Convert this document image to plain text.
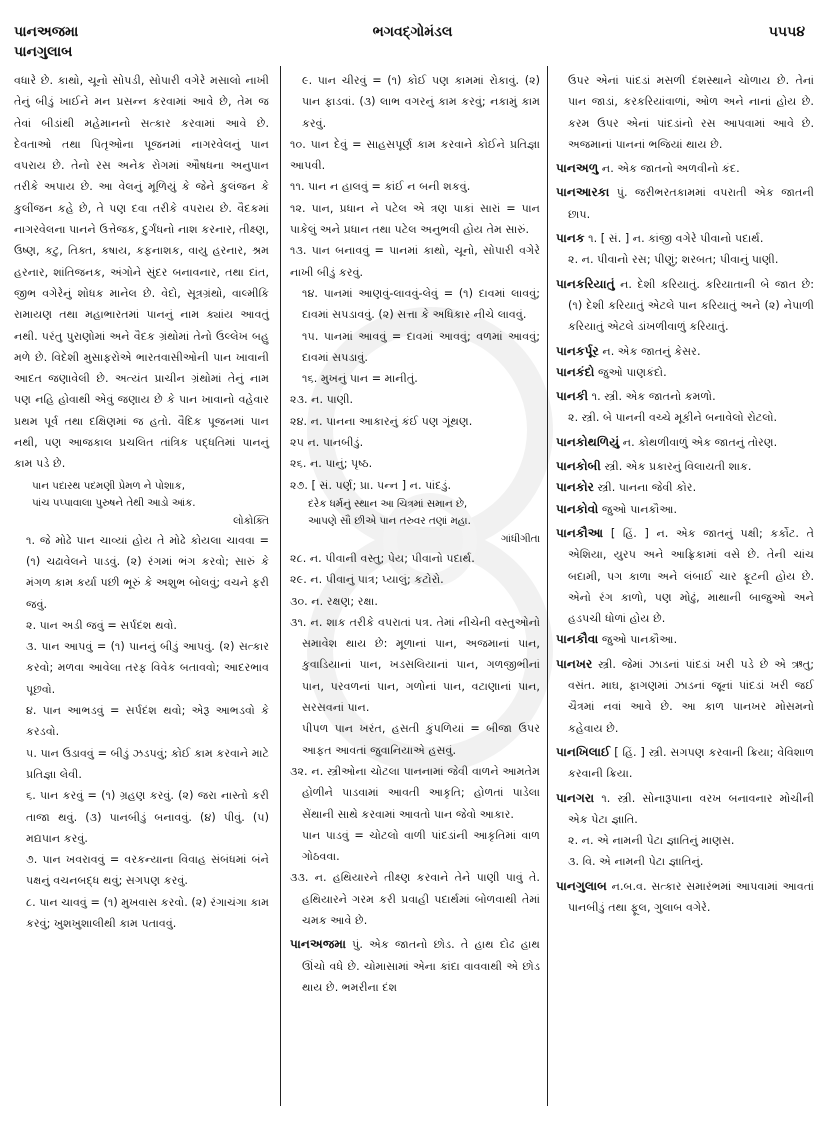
પાનઅજમા
પાનગુલાબ
ભગવદ્ગોમંડલ	૫૫૫૪

વધારે છે. કાથો, ચૂનો સોપડી, સોપારી વગેરે મસાલો નાખી તેનું બીડું ખાઈને મન પ્રસન્ન કરવામાં આવે છે, તેમ જ તેવાં બીડાંથી મહેમાનનો સત્કાર કરવામાં આવે છે. દેવતાઓ તથા પિતૃઓના પૂજનમાં નાગરવેલનું પાન વપરાય છે. તેનો રસ અનેક રોગમાં ઔષધના અનુપાન તરીકે અપાય છે. આ વેલનું મૂળિયું કે જેને કુલંજન કે કુલીંજન કહે છે, તે પણ દવા તરીકે વપરાય છે. વૈદકમાં નાગરવેલના પાનને ઉત્તેજક, દુર્ગંધનો નાશ કરનાર, તીક્ષ્ણ, ઉષ્ણ, કટુ, તિક્ત, કષાય, કફનાશક, વાયુ હરનાર, શ્રમ હરનાર, શાંતિજનક, અંગોને સુંદર બનાવનાર, તથા દાંત, જીભ વગેરેનું શોધક માનેલ છે. વેદો, સૂત્રગ્રંથો, વાલ્મીકિ રામાયણ તથા મહાભારતમાં પાનનું નામ ક્યાંય આવતું નથી. પરંતુ પુરાણોમાં અને વૈદક ગ્રંથોમાં તેનો ઉલ્લેખ બહુ મળે છે. વિદેશી મુસાફરોએ ભારતવાસીઓની પાન ખાવાની આદત જણાવેલી છે. અત્યંત પ્રાચીન ગ્રંથોમાં તેનું નામ પણ નહિ હોવાથી એવું જણાય છે કે પાન ખાવાનો વહેવાર પ્રથમ પૂર્વ તથા દક્ષિણમાં જ હતો. વૈદિક પૂજનમાં પાન નથી, પણ આજકાલ પ્રચલિત તાંત્રિક પદ્ધતિમાં પાનનું કામ પડે છે.

પાન પદારથ પદમણી પ્રેમળ ને પોશાક,

પાંચ પપ્પાવાલા પુરુષને તેથી આડો આંક.

લોકોક્તિ

૧. જે મોઢે પાન ચાવ્યાં હોય તે મોઢે કોયલા ચાવવા = (૧) ચઢાવેલને પાડવું. (૨) રંગમાં ભંગ કરવો; સારું કે મંગળ કામ કર્યા પછી ભૂરું કે અશુભ બોલવું; વચને ફરી જવું.

૨. પાન અડી જવું = સર્પદંશ થવો.

૩. પાન આપવું = (૧) પાનનું બીડું આપવું. (૨) સત્કાર કરવો; મળવા આવેલા તરફ વિવેક બતાવવો; આદરભાવ પૂછવો.

૪. પાન આભડવું = સર્પદંશ થવો; એરૂ આભડવો કે કરડવો.

૫. પાન ઉડાવવું = બીડું ઝડપવું; કોઈ કામ કરવાને માટે પ્રતિજ્ઞા લેવી.

૬. પાન કરવું = (૧) ગ્રહણ કરવું. (૨) જરા નાસ્તો કરી તાજા થવું. (૩) પાનબીડું બનાવવું. (૪) પીવું. (૫) મદ્યપાન કરવું.

૭. પાન ખવરાવવું = વરકન્યાના વિવાહ સંબંધમાં બંને પક્ષનું વચનબદ્ધ થવું; સગપણ કરવું.

૮. પાન ચાવવું = (૧) મુખવાસ કરવો. (૨) રંગાચંગા કામ કરવું; ખુશખુશાલીથી કામ પતાવવું.

૯. પાન ચીરવું = (૧) કોઈ પણ કામમાં રોકાવું. (૨) પાન ફાડવાં. (૩) લાભ વગરનું કામ કરવું; નકામું કામ કરવું.

૧૦. પાન દેવું = સાહસપૂર્ણ કામ કરવાને કોઈને પ્રતિજ્ઞા આપવી.

૧૧. પાન ન હાલવું = કાંઈ ન બની શકવું.

૧૨. પાન, પ્રધાન ને પટેલ એ ત્રણ પાકાં સારાં = પાન પાકેલું અને પ્રધાન તથા પટેલ અનુભવી હોય તેમ સારું.

૧૩. પાન બનાવવું = પાનમાં કાથો, ચૂનો, સોપારી વગેરે નાખી બીડું કરવું.

૧૪. પાનમાં આણવું-લાવવું-લેવું = (૧) દાવમાં લાવવું; દાવમાં સપડાવવું. (૨) સત્તા કે અધિકાર નીચે લાવવું.

૧૫. પાનમાં આવવું = દાવમાં આવવું; વળમાં આવવું; દાવમાં સપડાવું.

૧૬. મુખનું પાન = માનીતું.

૨૩. ન. પાણી.

૨૪. ન. પાનના આકારનું કંઈ પણ ગૂંથણ.

૨૫ ન. પાનબીડું.

૨૬. ન. પાનું; પૃષ્ઠ.

૨૭. [ સં. પર્ણ; પ્રા. પન્ન ] ન. પાંદડું.

દરેક ધર્મનું સ્થાન આ ચિત્રમાં સમાન છે,

આપણે સૌ છીએ પાન તરુવર તણાં મહા.

ગાંધીગીતા

૨૮. ન. પીવાની વસ્તુ; પેય; પીવાનો પદાર્થ.

૨૯. ન. પીવાનું પાત્ર; પ્યાલું; કટોરો.

૩૦. ન. રક્ષણ; રક્ષા.

૩૧. ન. શાક તરીકે વપરાતાં પત્ર. તેમાં નીચેની વસ્તુઓનો સમાવેશ થાય છે: મૂળાનાં પાન, અજમાનાં પાન, કુવાડિયાનાં પાન, ખડસલિયાનાં પાન, ગળજીભીનાં પાન, પરવળનાં પાન, ગળોનાં પાન, વટાણાનાં પાન, સરસવનાં પાન.

પીપળ પાન ખરંત, હસતી કુંપળિયાં = બીજા ઉપર આફત આવતાં જુવાનિયાએ હસવું.

૩૨. ન. સ્ત્રીઓના ચોટલા પાનનામાં જેવી વાળને આમતેમ હોળીને પાડવામાં આવતી આકૃતિ; હોળતાં પાડેલા સેંથાની સાથે કરવામાં આવતો પાન જેવો આકાર.

પાન પાડવું = ચોટલો વાળી પાંદડાંની આકૃતિમાં વાળ ગોઠવવા.

૩૩. ન. હથિયારને તીક્ષ્ણ કરવાને તેને પાણી પાવું તે. હથિયારને ગરમ કરી પ્રવાહી પદાર્થમાં બોળવાથી તેમાં ચમક આવે છે.

પાનઅજમા પું. એક જાતનો છોડ. તે હાથ દોઢ હાથ ઊંચો વધે છે. ચોમાસામાં એના કાંદા વાવવાથી એ છોડ થાય છે. ભમરીના દંશ

ઉપર એનાં પાંદડાં મસળી દંશસ્થાને ચોળાય છે. તેનાં પાન જાડાં, કરકરિયાંવાળાં, ઓળ અને નાનાં હોય છે. કરમ ઉપર એનાં પાંદડાંનો રસ આપવામાં આવે છે. અજમાનાં પાનનાં ભજિયાં થાય છે.

પાનઅળુ ન. એક જાતનો અળવીનો કંદ.

પાનઆરકા પું. જરીભરતકામમાં વપરાતી એક જાતની છાપ.

પાનક ૧. [ સં. ] ન. કાંજી વગેરે પીવાનો પદાર્થ.

૨. ન. પીવાનો રસ; પીણું; શરબત; પીવાનું પાણી.

પાનકરિયાતું ન. દેશી કરિયાતું. કરિયાતાની બે જાત છે: (૧) દેશી કરિયાતું એટલે પાન કરિયાતું અને (૨) નેપાળી કરિયાતું એટલે ડાંખળીવાળું કરિયાતું.

પાનકર્પૂર ન. એક જાતનું કેસર.

પાનકંદો જુઓ પાણકંદો.

પાનકી ૧. સ્ત્રી. એક જાતનો કમળો.

૨. સ્ત્રી. બે પાનની વચ્ચે મૂકીને બનાવેલો રોટલો.

પાનકોથળિયું ન. કોથળીવાળું એક જાતનું તોરણ.

પાનકોબી સ્ત્રી. એક પ્રકારનું વિલાયતી શાક.

પાનકોર સ્ત્રી. પાનના જેવી કોર.

પાનકોવો જુઓ પાનકૌઆ.

પાનકૌઆ [ હિં. ] ન. એક જાતનું પક્ષી; કર્કોટ. તે એશિયા, યુરપ અને આફ્રિકામાં વસે છે. તેની ચાંચ બદામી, પગ કાળા અને લંબાઈ ચાર ફૂટની હોય છે. એનો રંગ કાળો, પણ મોઢું, માથાની બાજુઓ અને હડપચી ધોળાં હોય છે.

પાનકૌવા જુઓ પાનકૌઆ.

પાનખર સ્ત્રી. જેમાં ઝાડનાં પાંદડાં ખરી પડે છે એ ઋતુ; વસંત. માઘ, ફાગણમાં ઝાડનાં જૂનાં પાંદડાં ખરી જઈ ચૈત્રમાં નવાં આવે છે. આ કાળ પાનખર મોસમનો કહેવાય છે.

પાનખિલાઈ [ હિં. ] સ્ત્રી. સગપણ કરવાની ક્રિયા; વેવિશાળ કરવાની ક્રિયા.

પાનગરા ૧. સ્ત્રી. સોનારૂપાના વરખ બનાવનાર મોચીની એક પેટા જ્ઞાતિ.

૨. ન. એ નામની પેટા જ્ઞાતિનું માણસ.

૩. વિ. એ નામની પેટા જ્ઞાતિનું.

પાનગુલાબ ન.બ.વ. સત્કાર સમારંભમાં આપવામાં આવતાં પાનબીડું તથા ફૂલ, ગુલાબ વગેરે.
